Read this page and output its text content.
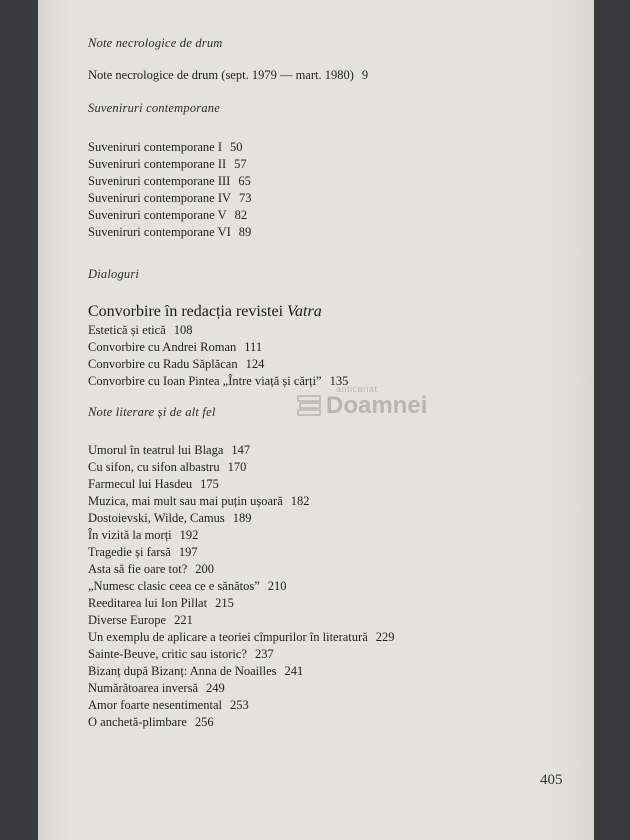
Note necrologice de drum

Note necrologice de drum (sept. 1979 — mart. 1980) 9

Suveniruri contemporane

Suveniruri contemporane I 50

Suveniruri contemporane II 57

Suveniruri contemporane III 65

Suveniruri contemporane IV 73

Suveniruri contemporane V 82

Suveniruri contemporane VI 89

Dialoguri

Convorbire în redacția revistei Vatra

Estetică și etică 108

Convorbire cu Andrei Roman 111

Convorbire cu Radu Săplăcan 124

Convorbire cu Ioan Pintea „Între viață și cărți” 135

Note literare și de alt fel

Umorul în teatrul lui Blaga 147

Cu sifon, cu sifon albastru 170

Farmecul lui Hasdeu 175

Muzica, mai mult sau mai puțin ușoară 182

Dostoievski, Wilde, Camus 189

În vizită la morți 192

Tragedie și farsă 197

Asta să fie oare tot? 200

„Numesc clasic ceea ce e sănătos” 210

Reeditarea lui Ion Pillat 215

Diverse Europe 221

Un exemplu de aplicare a teoriei cîmpurilor în literatură 229

Sainte-Beuve, critic sau istoric? 237

Bizanț după Bizanț: Anna de Noailles 241

Numărătoarea inversă 249

Amor foarte nesentimental 253

O anchetă-plimbare 256

anticariat
Doamnei
405
